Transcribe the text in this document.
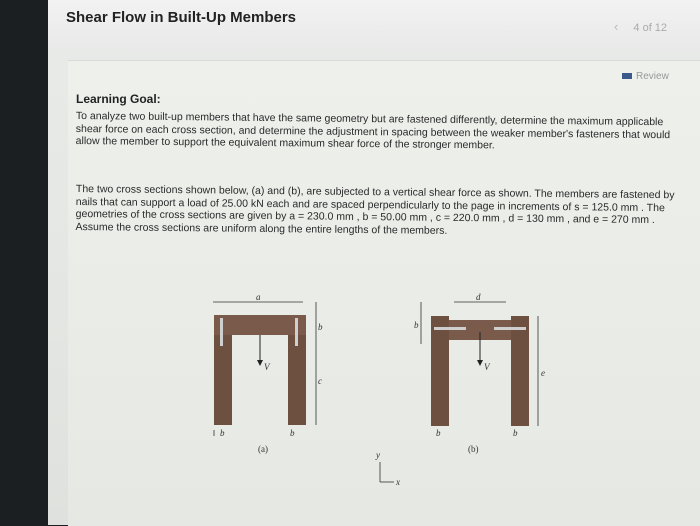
Shear Flow in Built-Up Members
‹ 4 of 12
Review
Learning Goal:
To analyze two built-up members that have the same geometry but are fastened differently, determine the maximum applicable shear force on each cross section, and determine the adjustment in spacing between the weaker member's fasteners that would allow the member to support the equivalent maximum shear force of the stronger member.
The two cross sections shown below, (a) and (b), are subjected to a vertical shear force as shown. The members are fastened by nails that can support a load of 25.00 kN each and are spaced perpendicularly to the page in increments of s = 125.0 mm . The geometries of the cross sections are given by a = 230.0 mm , b = 50.00 mm , c = 220.0 mm , d = 130 mm , and e = 270 mm . Assume the cross sections are uniform along the entire lengths of the members.
a
V
b
c
b	b
(a)
y
x
b
d
V
e
b	b
(b)
